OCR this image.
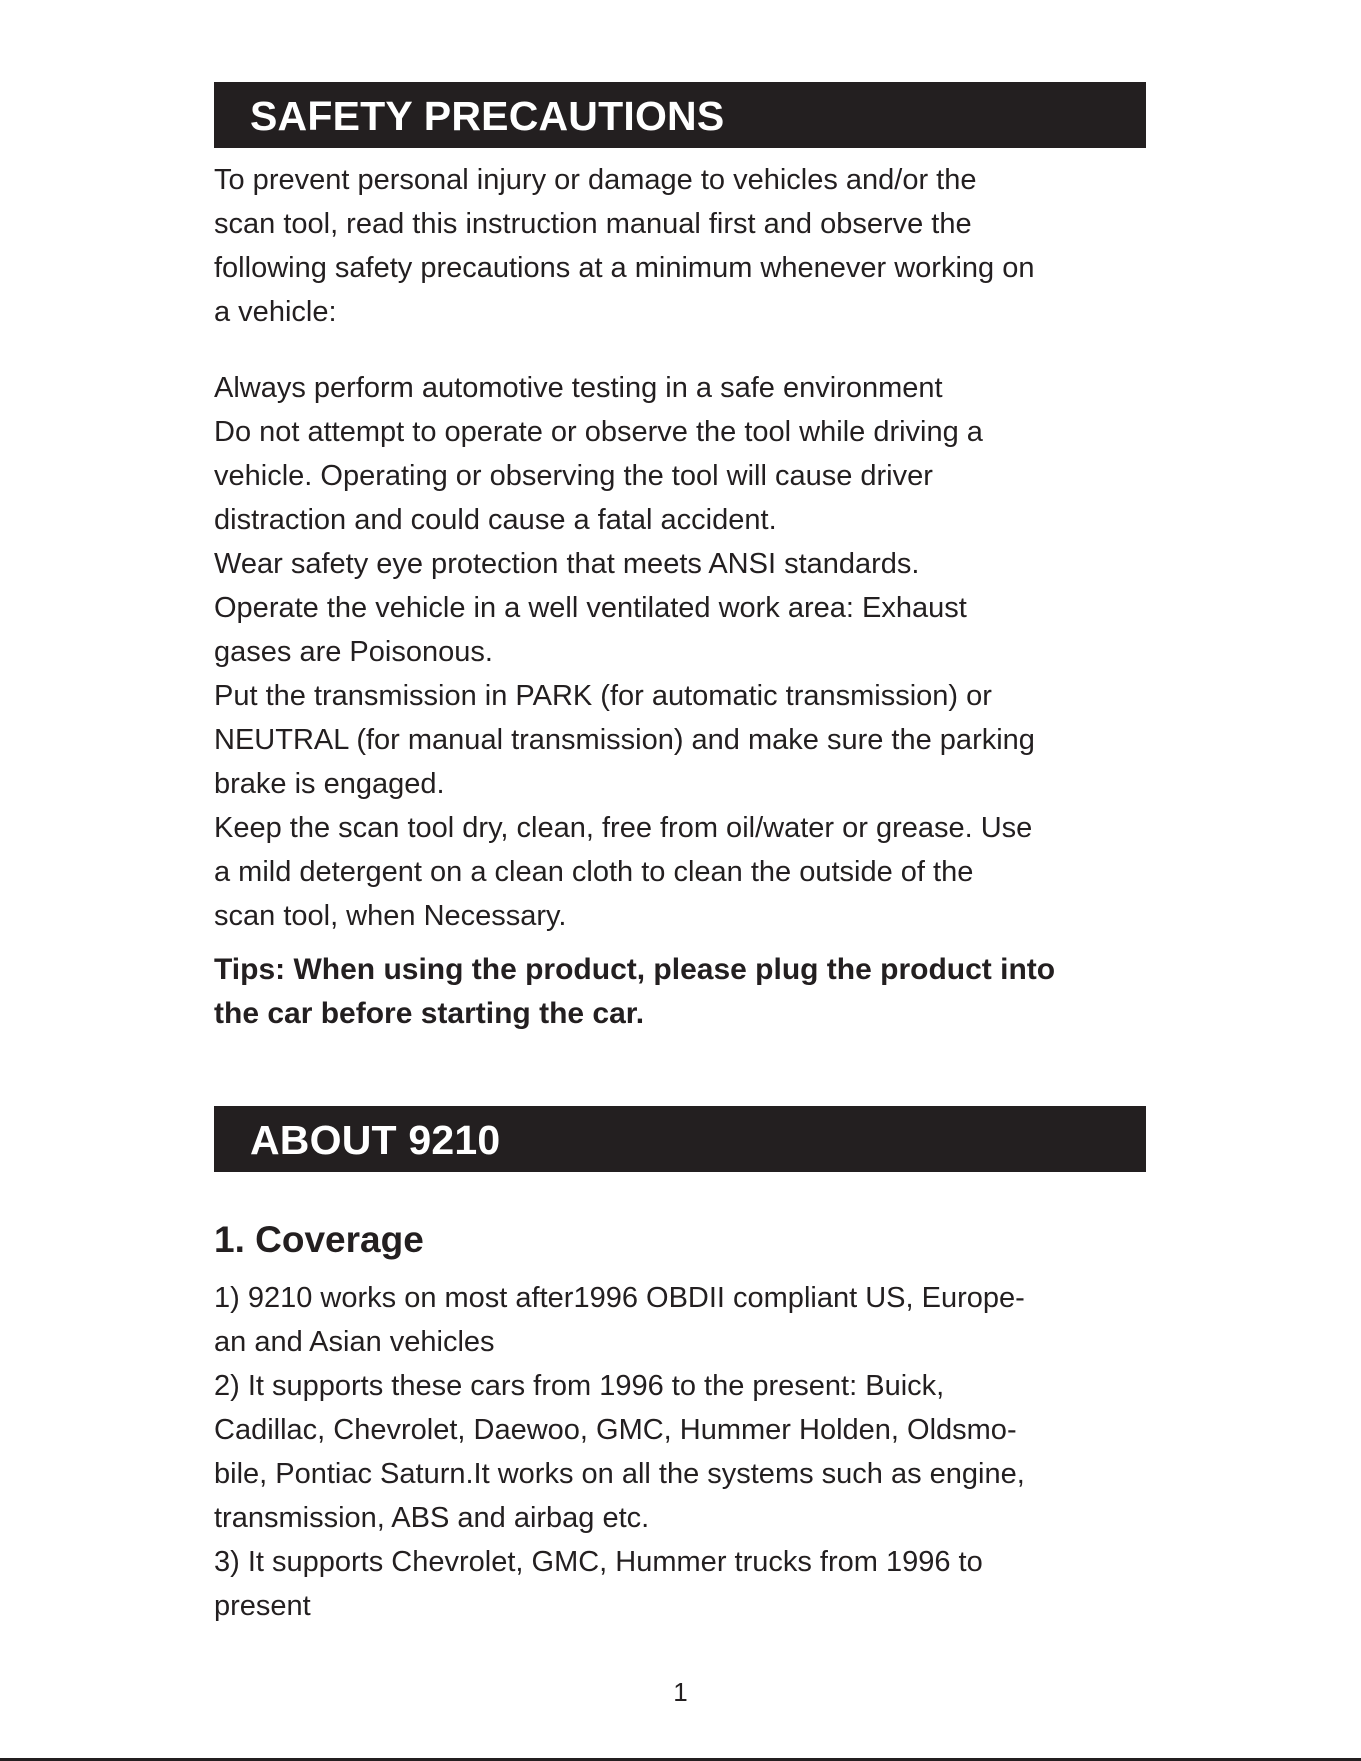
SAFETY PRECAUTIONS

To prevent personal injury or damage to vehicles and/or the
scan tool, read this instruction manual first and observe the
following safety precautions at a minimum whenever working on
a vehicle:

Always perform automotive testing in a safe environment
Do not attempt to operate or observe the tool while driving a
vehicle. Operating or observing the tool will cause driver
distraction and could cause a fatal accident.
Wear safety eye protection that meets ANSI standards.
Operate the vehicle in a well ventilated work area: Exhaust
gases are Poisonous.
Put the transmission in PARK (for automatic transmission) or
NEUTRAL (for manual transmission) and make sure the parking
brake is engaged.
Keep the scan tool dry, clean, free from oil/water or grease. Use
a mild detergent on a clean cloth to clean the outside of the
scan tool, when Necessary.

Tips: When using the product, please plug the product into
the car before starting the car.

ABOUT 9210
1. Coverage

1) 9210 works on most after1996 OBDII compliant US, Europe-
an and Asian vehicles
2) It supports these cars from 1996 to the present: Buick,
Cadillac, Chevrolet, Daewoo, GMC, Hummer Holden, Oldsmo-
bile, Pontiac Saturn.It works on all the systems such as engine,
transmission, ABS and airbag etc.
3) It supports Chevrolet, GMC, Hummer trucks from 1996 to
present

1
